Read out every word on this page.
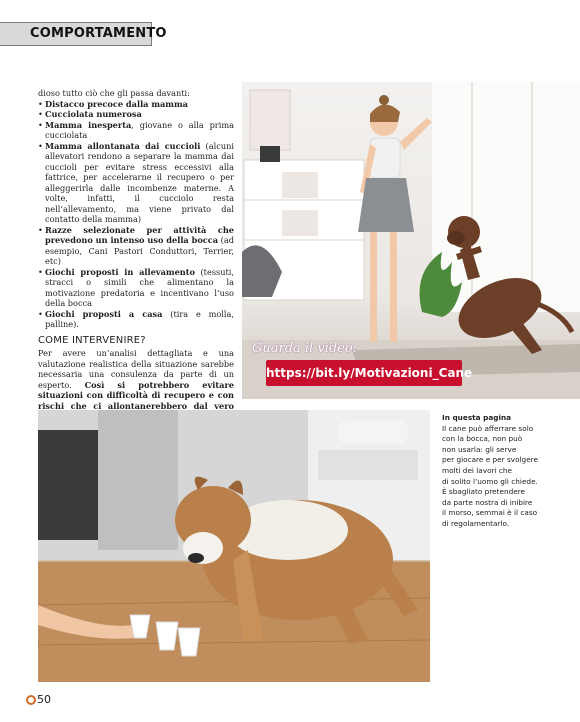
COMPORTAMENTO
dioso tutto ciò che gli passa davanti:
• Distacco precoce dalla mamma
• Cucciolata numerosa
• Mamma inesperta, giovane o alla prima cucciolata
• Mamma allontanata dai cuccioli (alcuni allevatori rendono a separare la mamma dai cuccioli per evitare stress eccessivi alla fattrice, per accelerarne il recupero o per alleggerirla dalle incombenze materne. A volte, infatti, il cucciolo resta nell’allevamento, ma viene privato dal contatto della mamma)
• Razze selezionate per attività che prevedono un intenso uso della bocca (ad esempio, Cani Pastori Conduttori, Terrier, etc)
• Giochi proposti in allevamento (tessuti, stracci o simili che alimentano la motivazione predatoria e incentivano l’uso della bocca
• Giochi proposti a casa (tira e molla, palline).
COME INTERVENIRE?
Per avere un’analisi dettagliata e una valutazione realistica della situazione sarebbe necessaria una consulenza da parte di un esperto. Così si potrebbero evitare situazioni con difficoltà di recupero e con rischi che ci allontanerebbero dal vero
Guarda il video:
https://bit.ly/Motivazioni_Cane
In questa pagina
Il cane può afferrare solo
con la bocca, non può
non usarla: gli serve
per giocare e per svolgere
molti dei lavori che
di solito l’uomo gli chiede.
È sbagliato pretendere
da parte nostra di inibire
il morso, semmai è il caso
di regolamentarlo.
50
